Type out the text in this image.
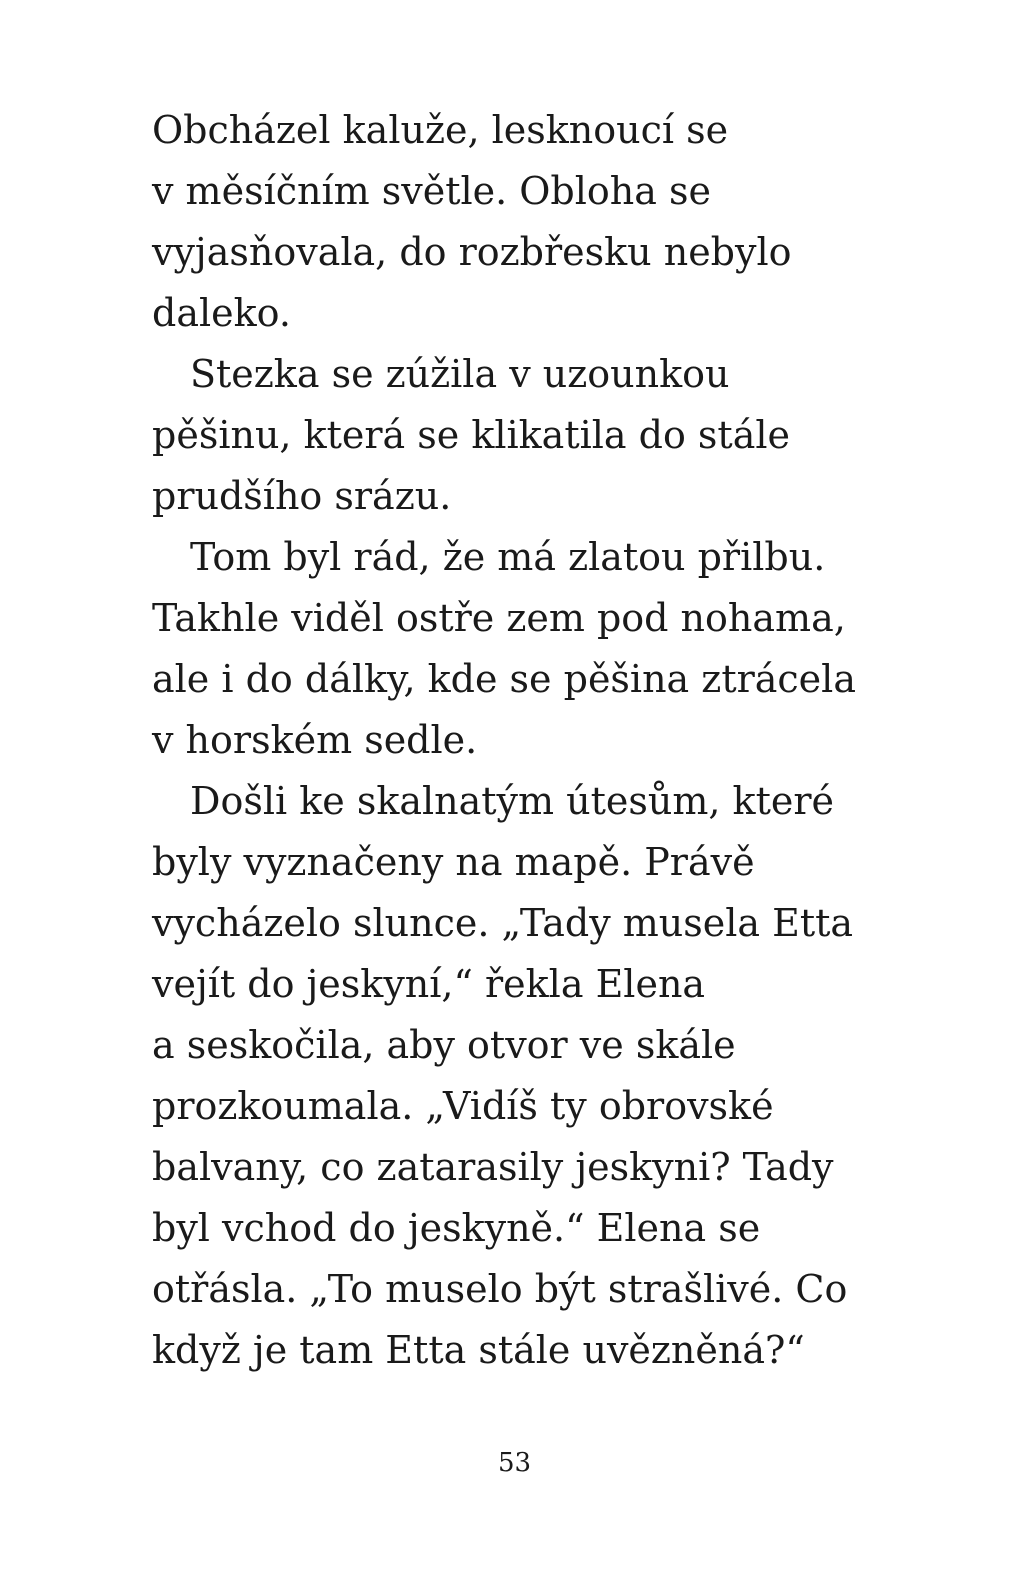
Obcházel kaluže, lesknoucí se
v měsíčním světle. Obloha se
vyjasňovala, do rozbřesku nebylo
daleko.
Stezka se zúžila v uzounkou
pěšinu, která se klikatila do stále
prudšího srázu.
Tom byl rád, že má zlatou přilbu.
Takhle viděl ostře zem pod nohama,
ale i do dálky, kde se pěšina ztrácela
v horském sedle.
Došli ke skalnatým útesům, které
byly vyznačeny na mapě. Právě
vycházelo slunce. „Tady musela Etta
vejít do jeskyní,“ řekla Elena
a seskočila, aby otvor ve skále
prozkoumala. „Vidíš ty obrovské
balvany, co zatarasily jeskyni? Tady
byl vchod do jeskyně.“ Elena se
otřásla. „To muselo být strašlivé. Co
když je tam Etta stále uvězněná?“
53
